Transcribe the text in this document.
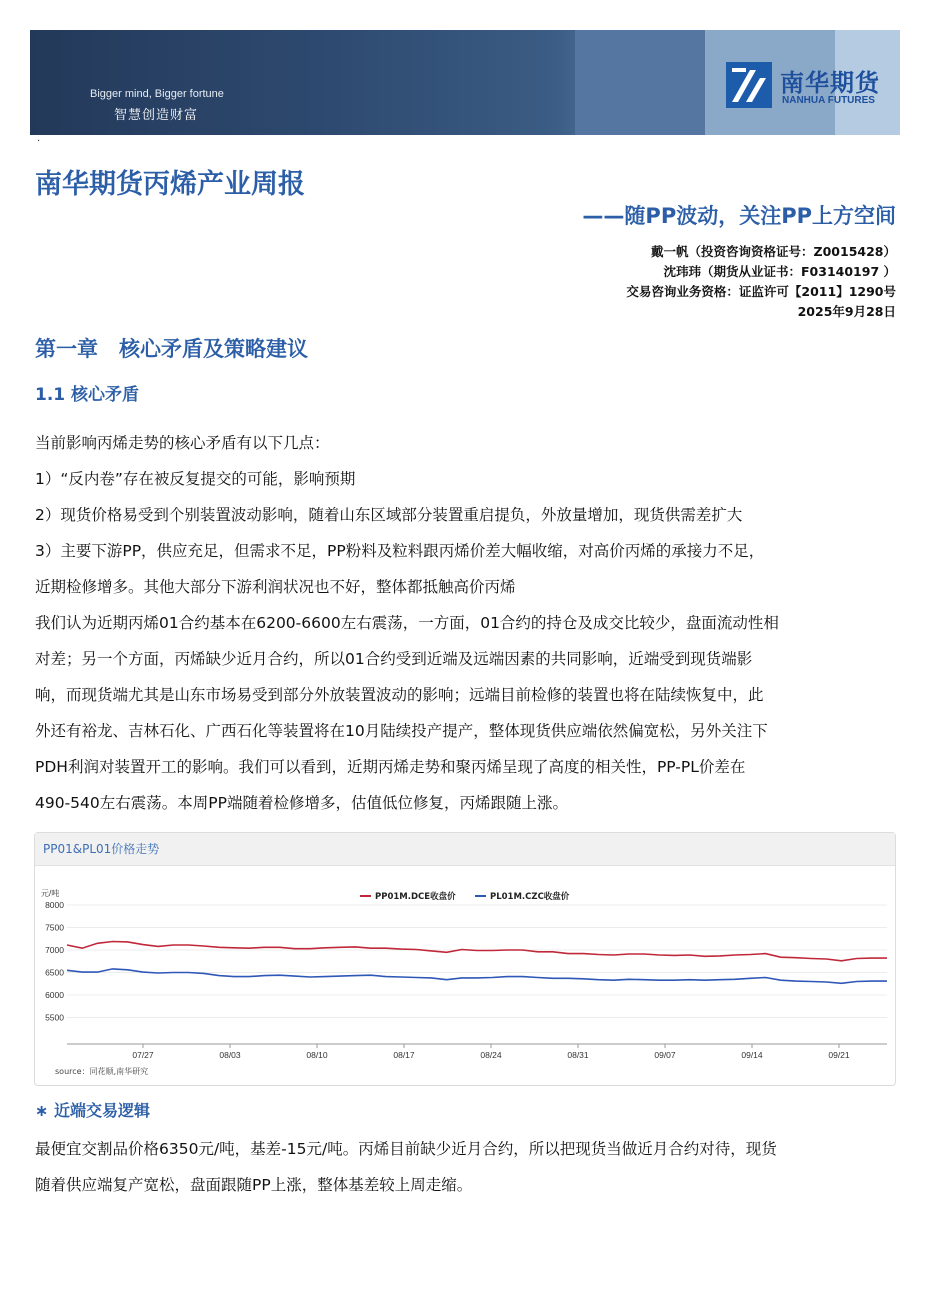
Bigger mind, Bigger fortune
智慧创造财富
南华期货
NANHUA FUTURES
·
南华期货丙烯产业周报
——随PP波动，关注PP上方空间
戴一帆（投资咨询资格证号：Z0015428）
沈玮玮（期货从业证书：F03140197 ）
交易咨询业务资格：证监许可【2011】1290号
2025年9月28日
第一章　核心矛盾及策略建议
1.1 核心矛盾
当前影响丙烯走势的核心矛盾有以下几点：
1）“反内卷”存在被反复提交的可能，影响预期
2）现货价格易受到个别装置波动影响，随着山东区域部分装置重启提负，外放量增加，现货供需差扩大
3）主要下游PP，供应充足，但需求不足，PP粉料及粒料跟丙烯价差大幅收缩，对高价丙烯的承接力不足，
近期检修增多。其他大部分下游利润状况也不好，整体都抵触高价丙烯
我们认为近期丙烯01合约基本在6200-6600左右震荡，一方面，01合约的持仓及成交比较少，盘面流动性相
对差；另一个方面，丙烯缺少近月合约，所以01合约受到近端及远端因素的共同影响，近端受到现货端影
响，而现货端尤其是山东市场易受到部分外放装置波动的影响；远端目前检修的装置也将在陆续恢复中，此
外还有裕龙、吉林石化、广西石化等装置将在10月陆续投产提产，整体现货供应端依然偏宽松，另外关注下
PDH利润对装置开工的影响。我们可以看到，近期丙烯走势和聚丙烯呈现了高度的相关性，PP-PL价差在
490-540左右震荡。本周PP端随着检修增多，估值低位修复，丙烯跟随上涨。
PP01&PL01价格走势
元/吨
5500
6000
6500
7000
7500
8000
07/27	08/03	08/10	08/17	08/24	08/31	09/07	09/14	09/21
PP01M.DCE收盘价	PL01M.CZC收盘价
source：同花顺,南华研究
∗ 近端交易逻辑
最便宜交割品价格6350元/吨，基差-15元/吨。丙烯目前缺少近月合约，所以把现货当做近月合约对待，现货
随着供应端复产宽松，盘面跟随PP上涨，整体基差较上周走缩。
